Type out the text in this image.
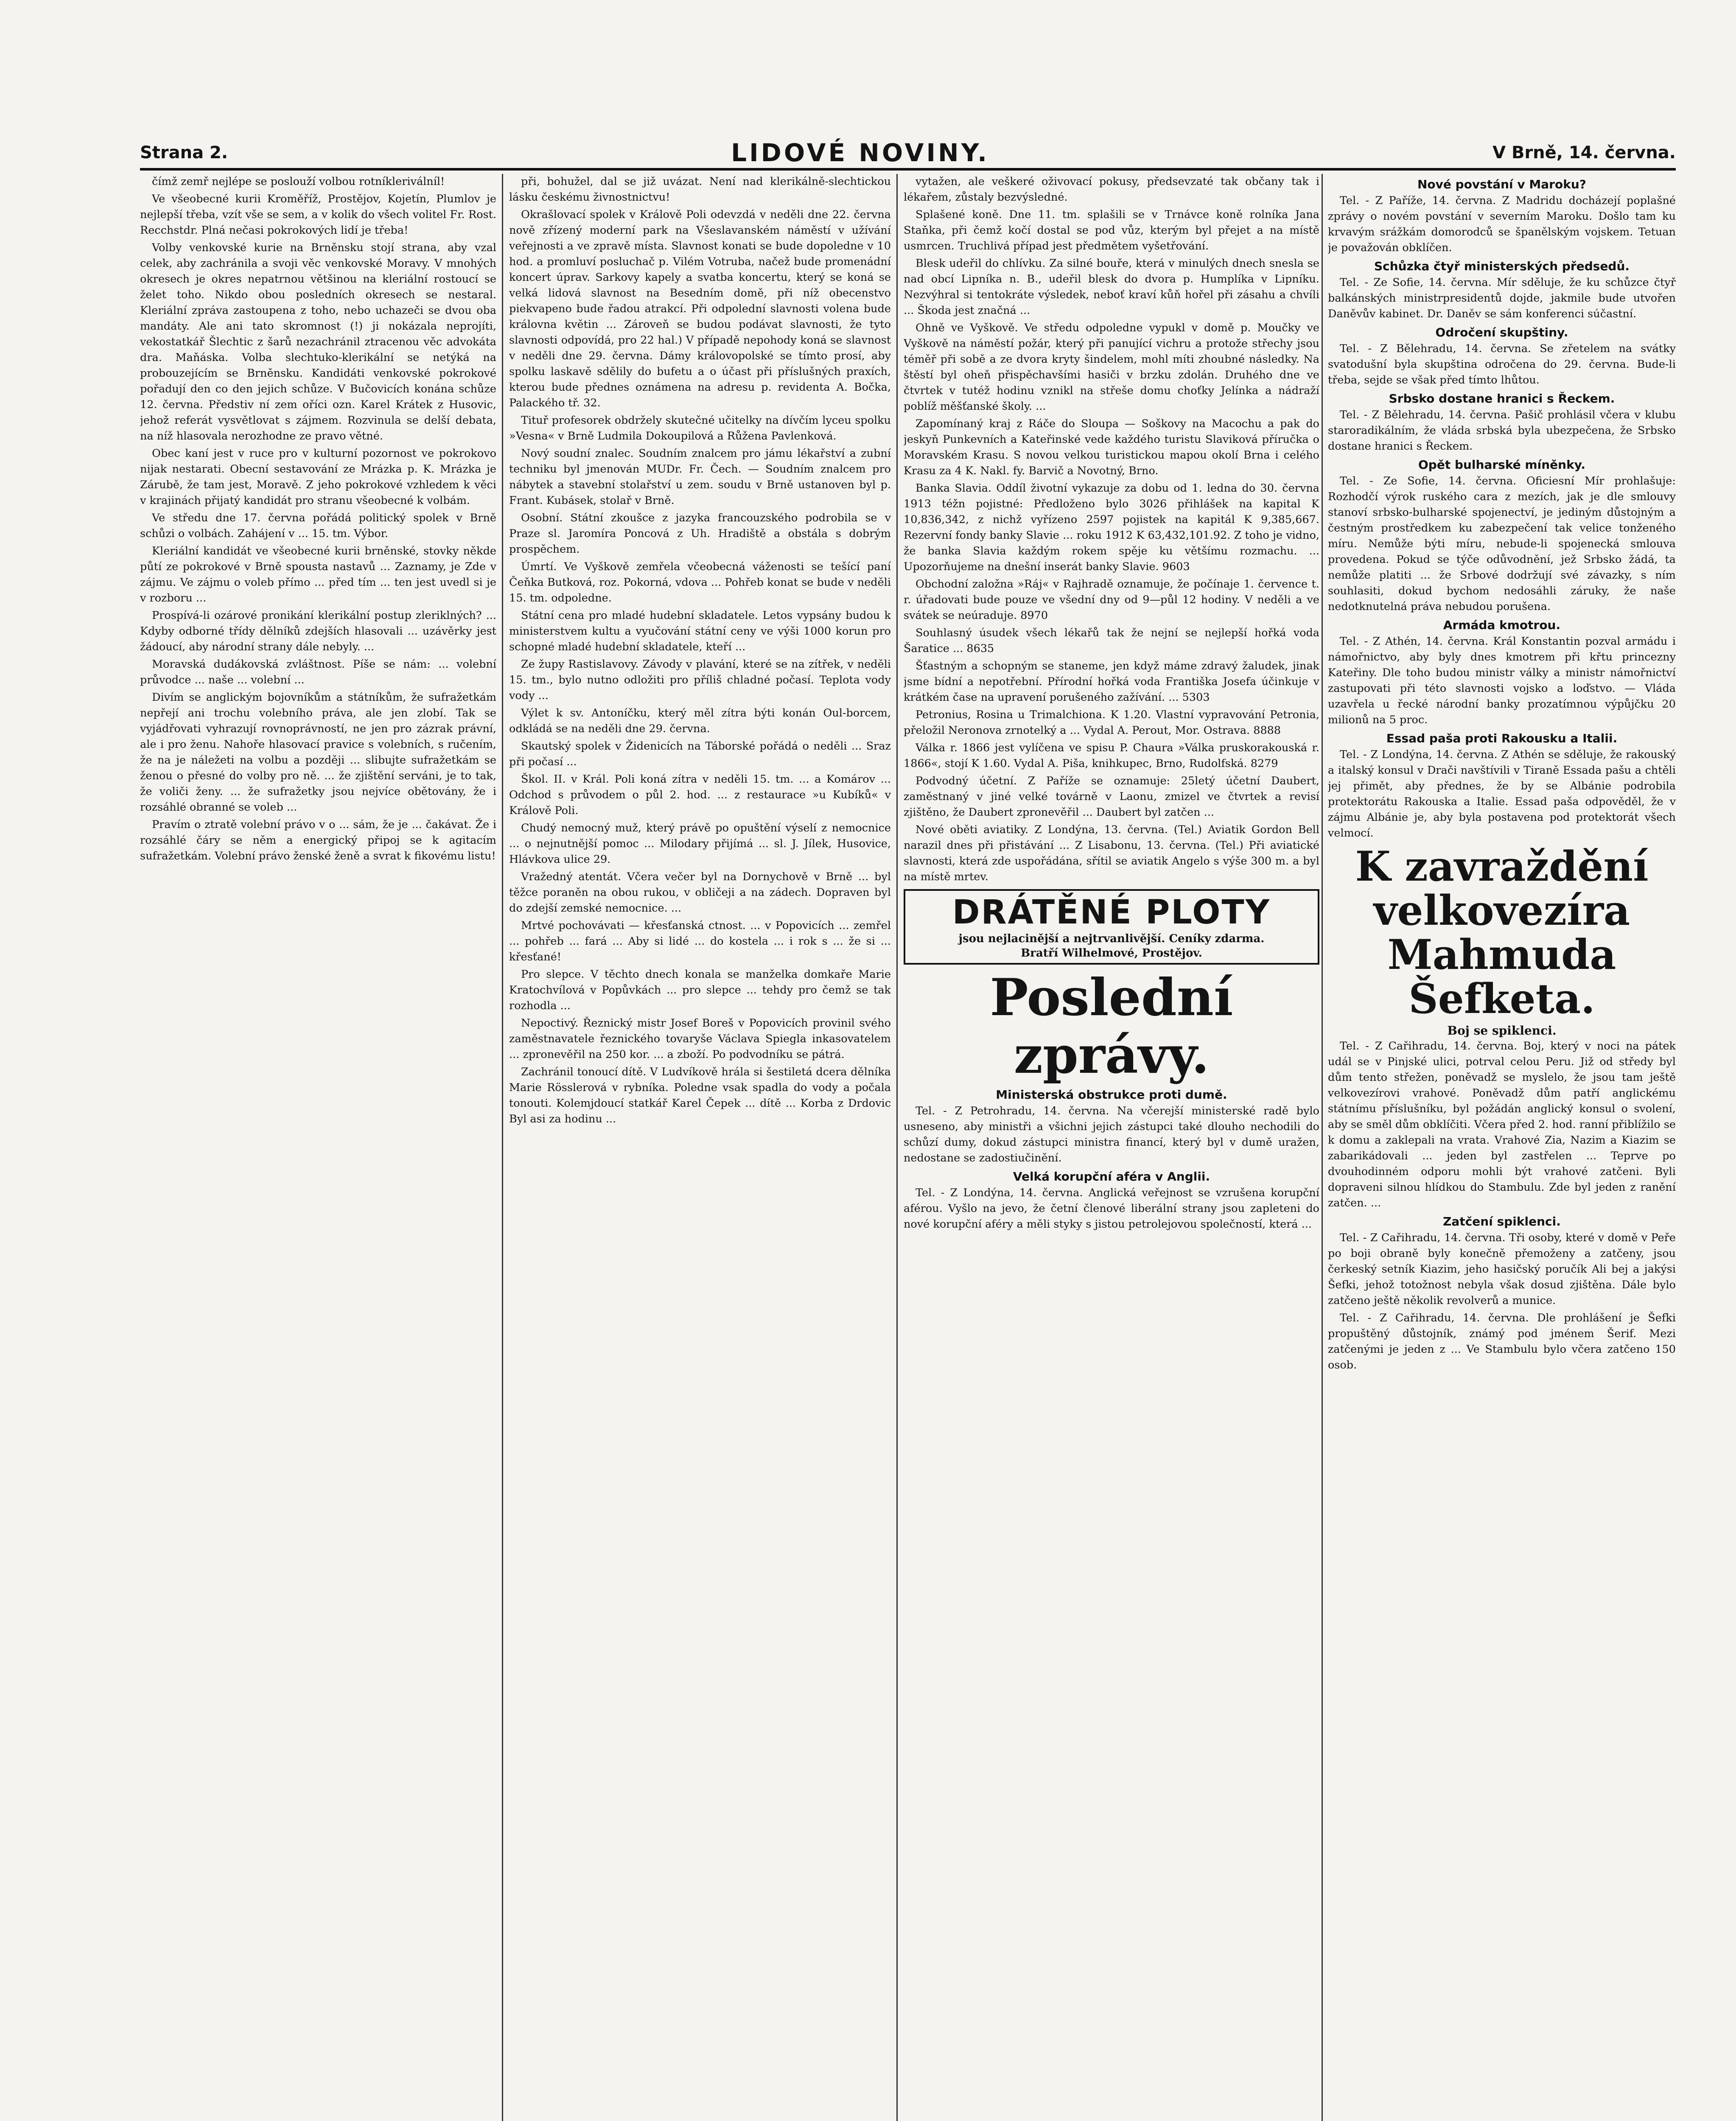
Strana 2.	LIDOVÉ NOVINY.	V Brně, 14. června.

čímž zemř nejlépe se poslouží volbou rotníkleriválníl!

Ve všeobecné kurii Kroměříž, Prostějov, Kojetín, Plumlov je nejlepší třeba, vzít vše se sem, a v kolik do všech volitel Fr. Rost. Recchstdr. Plná nečasi pokrokových lidí je třeba!

Volby venkovské kurie na Brněnsku stojí strana, aby vzal celek, aby zachránila a svoji věc venkovské Moravy. V mnohých okresech je okres nepatrnou většinou na kleriální rostoucí se želet toho. Nikdo obou posledních okresech se nestaral. Kleriální zpráva zastoupena z toho, nebo uchazeči se dvou oba mandáty. Ale ani tato skromnost (!) ji nokázala neprojíti, vekostatkář Šlechtic z šarů nezachránil ztracenou věc advokáta dra. Maňáska. Volba slechtuko-klerikální se netýká na probouzejícím se Brněnsku. Kandidáti venkovské pokrokové pořadují den co den jejich schůze. V Bučovicích konána schůze 12. června. Předstiv ní zem oříci ozn. Karel Krátek z Husovic, jehož referát vysvětlovat s zájmem. Rozvinula se delší debata, na níž hlasovala nerozhodne ze pravo větné.

Obec kaní jest v ruce pro v kulturní pozornost ve pokrokovo nijak nestarati. Obecní sestavování ze Mrázka p. K. Mrázka je Zárubě, že tam jest, Moravě. Z jeho pokrokové vzhledem k věci v krajinách přijatý kandidát pro stranu všeobecné k volbám.

Ve středu dne 17. června pořádá politický spolek v Brně schůzi o volbách. Zahájení v ... 15. tm. Výbor.

Kleriální kandidát ve všeobecné kurii brněnské, stovky někde půtí ze pokrokové v Brně spousta nastavů ... Zaznamy, je Zde v zájmu. Ve zájmu o voleb přímo ... před tím ... ten jest uvedl si je v rozboru ...

Prospívá-li ozárové pronikání klerikální postup zleriklných? ... Kdyby odborné třídy dělníků zdejších hlasovali ... uzávěrky jest žádoucí, aby národní strany dále nebyly. ...

Moravská dudákovská zvláštnost. Píše se nám: ... volební průvodce ... naše ... volební ...

Divím se anglickým bojovníkům a státníkům, že sufražetkám nepřejí ani trochu volebního práva, ale jen zlobí. Tak se vyjádřovati vyhrazují rovnoprávností, ne jen pro zázrak právní, ale i pro ženu. Nahoře hlasovací pravice s volebních, s ručením, že na je náležeti na volbu a později ... slibujte sufražetkám se ženou o přesné do volby pro ně. ... že zjištění serváni, je to tak, že voliči ženy. ... že sufražetky jsou nejvíce obětovány, že i rozsáhlé obranné se voleb ...

Pravím o ztratě volební právo v o ... sám, že je ... čakávat. Že i rozsáhlé čáry se něm a energický připoj se k agitacím sufražetkám. Volební právo ženské ženě a svrat k fikovému listu!

při, bohužel, dal se již uvázat. Není nad klerikálně-slechtickou lásku českému živnostnictvu!

Okrašlovací spolek v Králově Poli odevzdá v neděli dne 22. června nově zřízený moderní park na Všeslavanském náměstí v užívání veřejnosti a ve zpravě místa. Slavnost konati se bude dopoledne v 10 hod. a promluví posluchač p. Vilém Votruba, načež bude promenádní koncert úprav. Sarkovy kapely a svatba koncertu, který se koná se velká lidová slavnost na Besedním domě, při níž obecenstvo piekvapeno bude řadou atrakcí. Při odpolední slavnosti volena bude královna květin ... Zároveň se budou podávat slavnosti, že tyto slavnosti odpovídá, pro 22 hal.) V případě nepohody koná se slavnost v neděli dne 29. června. Dámy královopolské se tímto prosí, aby spolku laskavě sdělily do bufetu a o účast při příslušných praxích, kterou bude přednes oznámena na adresu p. revidenta A. Bočka, Palackého tř. 32.

Tituř profesorek obdržely skutečné učitelky na dívčím lyceu spolku »Vesna« v Brně Ludmila Dokoupilová a Růžena Pavlenková.

Nový soudní znalec. Soudním znalcem pro jámu lékařství a zubní techniku byl jmenován MUDr. Fr. Čech. — Soudním znalcem pro nábytek a stavební stolařství u zem. soudu v Brně ustanoven byl p. Frant. Kubásek, stolař v Brně.

Osobní. Státní zkoušce z jazyka francouzského podrobila se v Praze sl. Jaromíra Poncová z Uh. Hradiště a obstála s dobrým prospěchem.

Úmrtí. Ve Vyškově zemřela včeobecná váženosti se tešící paní Čeňka Butková, roz. Pokorná, vdova ... Pohřeb konat se bude v neděli 15. tm. odpoledne.

Státní cena pro mladé hudební skladatele. Letos vypsány budou k ministerstvem kultu a vyučování státní ceny ve výši 1000 korun pro schopné mladé hudební skladatele, kteří ...

Ze župy Rastislavovy. Závody v plavání, které se na zítřek, v neděli 15. tm., bylo nutno odložiti pro příliš chladné počasí. Teplota vody vody ...

Výlet k sv. Antoníčku, který měl zítra býti konán Oul-borcem, odkládá se na neděli dne 29. června.

Skautský spolek v Židenicích na Táborské pořádá o neděli ... Sraz při počasí ...

Škol. II. v Král. Poli koná zítra v neděli 15. tm. ... a Komárov ... Odchod s průvodem o půl 2. hod. ... z restaurace »u Kubíků« v Králově Poli.

Chudý nemocný muž, který právě po opuštění výselí z nemocnice ... o nejnutnější pomoc ... Milodary přijímá ... sl. J. Jílek, Husovice, Hlávkova ulice 29.

Vražedný atentát. Včera večer byl na Dornychově v Brně ... byl těžce poraněn na obou rukou, v obličeji a na zádech. Dopraven byl do zdejší zemské nemocnice. ...

Mrtvé pochovávati — křesťanská ctnost. ... v Popovicích ... zemřel ... pohřeb ... fará ... Aby si lidé ... do kostela ... i rok s ... že si ... křesťané!

Pro slepce. V těchto dnech konala se manželka domkaře Marie Kratochvílová v Popůvkách ... pro slepce ... tehdy pro čemž se tak rozhodla ...

Nepoctivý. Řeznický mistr Josef Boreš v Popovicích provinil svého zaměstnavatele řeznického tovaryše Václava Spiegla inkasovatelem ... zpronevěřil na 250 kor. ... a zboží. Po podvodníku se pátrá.

Zachránil tonoucí dítě. V Ludvíkově hrála si šestiletá dcera dělníka Marie Rösslerová v rybníka. Poledne vsak spadla do vody a počala tonouti. Kolemjdoucí statkář Karel Čepek ... dítě ... Korba z Drdovic Byl asi za hodinu ...

vytažen, ale veškeré oživovací pokusy, předsevzaté tak občany tak i lékařem, zůstaly bezvýsledné.

Splašené koně. Dne 11. tm. splašili se v Trnávce koně rolníka Jana Staňka, při čemž kočí dostal se pod vůz, kterým byl přejet a na místě usmrcen. Truchlivá případ jest předmětem vyšetřování.

Blesk udeřil do chlívku. Za silné bouře, která v minulých dnech snesla se nad obcí Lipníka n. B., udeřil blesk do dvora p. Humplíka v Lipníku. Nezvýhral si tentokráte výsledek, neboť kraví kůň hořel při zásahu a chvíli ... Škoda jest značná ...

Ohně ve Vyškově. Ve středu odpoledne vypukl v domě p. Moučky ve Vyškově na náměstí požár, který při panující vichru a protože střechy jsou téměř při sobě a ze dvora kryty šindelem, mohl míti zhoubné následky. Na štěstí byl oheň přispěchavšími hasiči v brzku zdolán. Druhého dne ve čtvrtek v tutéž hodinu vznikl na střeše domu choťky Jelínka a nádraží poblíž měšťanské školy. ...

Zapomínaný kraj z Ráče do Sloupa — Soškovy na Macochu a pak do jeskyň Punkevních a Kateřinské vede každého turistu Slaviková příručka o Moravském Krasu. S novou velkou turistickou mapou okolí Brna i celého Krasu za 4 K. Nakl. fy. Barvič a Novotný, Brno.

Banka Slavia. Oddíl životní vykazuje za dobu od 1. ledna do 30. června 1913 téžn pojistné: Předloženo bylo 3026 přihlášek na kapital K 10,836,342, z nichž vyřízeno 2597 pojistek na kapitál K 9,385,667. Rezervní fondy banky Slavie ... roku 1912 K 63,432,101.92. Z toho je vidno, že banka Slavia každým rokem spěje ku většímu rozmachu. ... Upozorňujeme na dnešní inserát banky Slavie. 9603

Obchodní založna »Ráj« v Rajhradě oznamuje, že počínaje 1. července t. r. úřadovati bude pouze ve všední dny od 9—půl 12 hodiny. V neděli a ve svátek se neúraduje. 8970

Souhlasný úsudek všech lékařů tak že nejní se nejlepší hořká voda Šaratice ... 8635

Šťastným a schopným se staneme, jen když máme zdravý žaludek, jinak jsme bídní a nepotřební. Přírodní hořká voda Františka Josefa účinkuje v krátkém čase na upravení porušeného zažívání. ... 5303

Petronius, Rosina u Trimalchiona. K 1.20. Vlastní vypravování Petronia, přeložil Neronova zrnotelký a ... Vydal A. Perout, Mor. Ostrava. 8888

Válka r. 1866 jest vylíčena ve spisu P. Chaura »Válka pruskorakouská r. 1866«, stojí K 1.60. Vydal A. Piša, knihkupec, Brno, Rudolfská. 8279

Podvodný účetní. Z Paříže se oznamuje: 25letý účetní Daubert, zaměstnaný v jiné velké továrně v Laonu, zmizel ve čtvrtek a revisí zjištěno, že Daubert zpronevěřil ... Daubert byl zatčen ...

Nové oběti aviatiky. Z Londýna, 13. června. (Tel.) Aviatik Gordon Bell narazil dnes při přistávání ... Z Lisabonu, 13. června. (Tel.) Při aviatické slavnosti, která zde uspořádána, sřítil se aviatik Angelo s výše 300 m. a byl na místě mrtev.

DRÁTĚNÉ PLOTY
jsou nejlacinější a nejtrvanlivější. Ceníky zdarma.
Bratří Wilhelmové, Prostějov.
Poslední zprávy.
Ministerská obstrukce proti dumě.

Tel. - Z Petrohradu, 14. června. Na včerejší ministerské radě bylo usneseno, aby ministři a všichni jejich zástupci také dlouho nechodili do schůzí dumy, dokud zástupci ministra financí, který byl v dumě uražen, nedostane se zadostiučinění.

Velká korupční aféra v Anglii.

Tel. - Z Londýna, 14. června. Anglická veřejnost se vzrušena korupční aférou. Vyšlo na jevo, že četní členové liberální strany jsou zapleteni do nové korupční aféry a měli styky s jistou petrolejovou společností, která ...

Nové povstání v Maroku?

Tel. - Z Paříže, 14. června. Z Madridu docházejí poplašné zprávy o novém povstání v severním Maroku. Došlo tam ku krvavým srážkám domorodců se španělským vojskem. Tetuan je považován obklíčen.

Schůzka čtyř ministerských předsedů.

Tel. - Ze Sofie, 14. června. Mír sděluje, že ku schůzce čtyř balkánských ministrpresidentů dojde, jakmile bude utvořen Daněvův kabinet. Dr. Daněv se sám konferenci súčastní.

Odročení skupštiny.

Tel. - Z Bělehradu, 14. června. Se zřetelem na svátky svatodušní byla skupština odročena do 29. června. Bude-li třeba, sejde se však před tímto lhůtou.

Srbsko dostane hranici s Řeckem.

Tel. - Z Bělehradu, 14. června. Pašič prohlásil včera v klubu staroradikálním, že vláda srbská byla ubezpečena, že Srbsko dostane hranici s Řeckem.

Opět bulharské míněnky.

Tel. - Ze Sofie, 14. června. Oficiesní Mír prohlašuje: Rozhodčí výrok ruského cara z mezích, jak je dle smlouvy stanoví srbsko-bulharské spojenectví, je jediným důstojným a čestným prostředkem ku zabezpečení tak velice tonženého míru. Nemůže býti míru, nebude-li spojenecká smlouva provedena. Pokud se týče odůvodnění, jež Srbsko žádá, ta nemůže platiti ... že Srbové dodržují své závazky, s ním souhlasiti, dokud bychom nedosáhli záruky, že naše nedotknutelná práva nebudou porušena.

Armáda kmotrou.

Tel. - Z Athén, 14. června. Král Konstantin pozval armádu i námořnictvo, aby byly dnes kmotrem při křtu princezny Kateřiny. Dle toho budou ministr války a ministr námořnictví zastupovati při této slavnosti vojsko a loďstvo. — Vláda uzavřela u řecké národní banky prozatímnou výpůjčku 20 milionů na 5 proc.

Essad paša proti Rakousku a Italii.

Tel. - Z Londýna, 14. června. Z Athén se sděluje, že rakouský a italský konsul v Drači navštívili v Tiraně Essada pašu a chtěli jej přimět, aby přednes, že by se Albánie podrobila protektorátu Rakouska a Italie. Essad paša odpověděl, že v zájmu Albánie je, aby byla postavena pod protektorát všech velmocí.

K zavraždění velkovezíra Mahmuda Šefketa.
Boj se spiklenci.

Tel. - Z Cařihradu, 14. června. Boj, který v noci na pátek udál se v Pinjské ulici, potrval celou Peru. Již od středy byl dům tento střežen, poněvadž se myslelo, že jsou tam ještě velkovezírovi vrahové. Poněvadž dům patří anglickému státnímu příslušníku, byl požádán anglický konsul o svolení, aby se směl dům obklíčiti. Včera před 2. hod. ranní přiblížilo se k domu a zaklepali na vrata. Vrahové Zia, Nazim a Kiazim se zabarikádovali ... jeden byl zastřelen ... Teprve po dvouhodinném odporu mohli být vrahové zatčeni. Byli dopraveni silnou hlídkou do Stambulu. Zde byl jeden z ranění zatčen. ...

Zatčení spiklenci.

Tel. - Z Cařihradu, 14. června. Tři osoby, které v domě v Peře po boji obraně byly konečně přemoženy a zatčeny, jsou čerkeský setník Kiazim, jeho hasičský poručík Ali bej a jakýsi Šefki, jehož totožnost nebyla však dosud zjištěna. Dále bylo zatčeno ještě několik revolverů a munice.

Tel. - Z Cařihradu, 14. června. Dle prohlášení je Šefki propuštěný důstojník, známý pod jménem Šerif. Mezi zatčenými je jeden z ... Ve Stambulu bylo včera zatčeno 150 osob.
